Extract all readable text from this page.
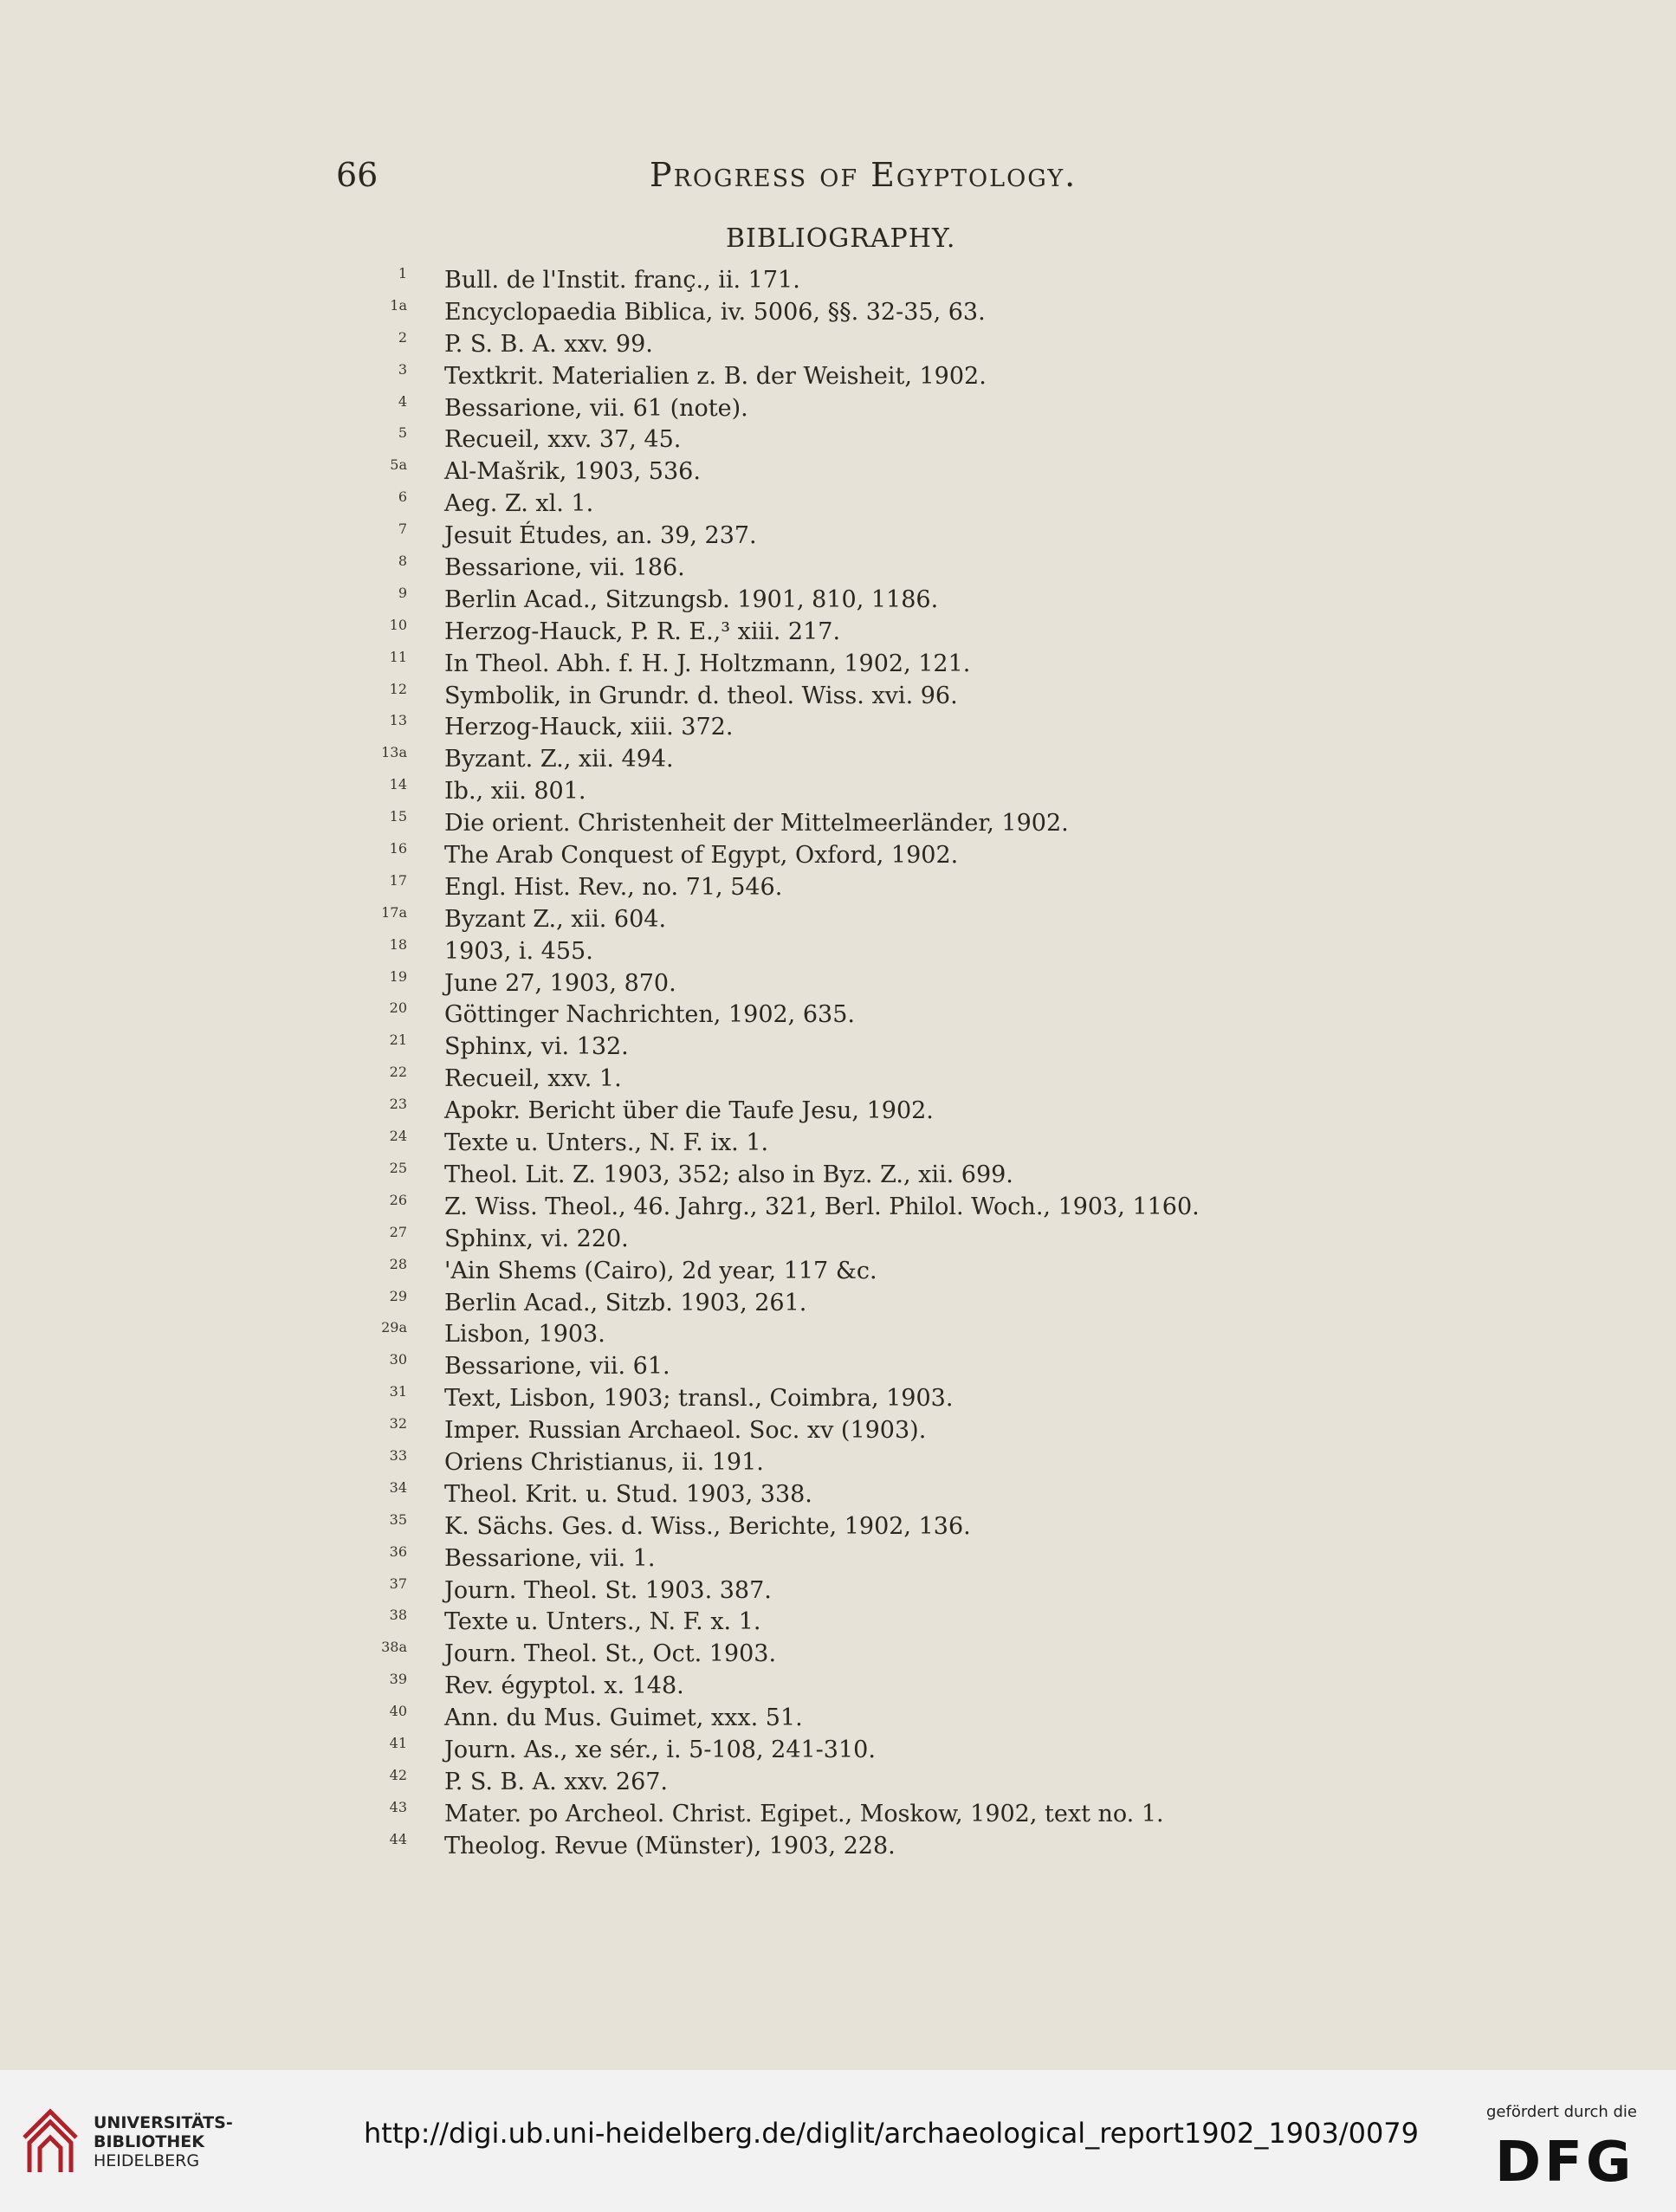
66	Progress of Egyptology.
BIBLIOGRAPHY.
1 Bull. de l'Instit. franç., ii. 171.
1a Encyclopaedia Biblica, iv. 5006, §§. 32-35, 63.
2 P. S. B. A. xxv. 99.
3 Textkrit. Materialien z. B. der Weisheit, 1902.
4 Bessarione, vii. 61 (note).
5 Recueil, xxv. 37, 45.
5a Al-Mašrik, 1903, 536.
6 Aeg. Z. xl. 1.
7 Jesuit Études, an. 39, 237.
8 Bessarione, vii. 186.
9 Berlin Acad., Sitzungsb. 1901, 810, 1186.
10 Herzog-Hauck, P. R. E.,³ xiii. 217.
11 In Theol. Abh. f. H. J. Holtzmann, 1902, 121.
12 Symbolik, in Grundr. d. theol. Wiss. xvi. 96.
13 Herzog-Hauck, xiii. 372.
13a Byzant. Z., xii. 494.
14 Ib., xii. 801.
15 Die orient. Christenheit der Mittelmeerländer, 1902.
16 The Arab Conquest of Egypt, Oxford, 1902.
17 Engl. Hist. Rev., no. 71, 546.
17a Byzant Z., xii. 604.
18 1903, i. 455.
19 June 27, 1903, 870.
20 Göttinger Nachrichten, 1902, 635.
21 Sphinx, vi. 132.
22 Recueil, xxv. 1.
23 Apokr. Bericht über die Taufe Jesu, 1902.
24 Texte u. Unters., N. F. ix. 1.
25 Theol. Lit. Z. 1903, 352; also in Byz. Z., xii. 699.
26 Z. Wiss. Theol., 46. Jahrg., 321, Berl. Philol. Woch., 1903, 1160.
27 Sphinx, vi. 220.
28 'Ain Shems (Cairo), 2d year, 117 &c.
29 Berlin Acad., Sitzb. 1903, 261.
29a Lisbon, 1903.
30 Bessarione, vii. 61.
31 Text, Lisbon, 1903; transl., Coimbra, 1903.
32 Imper. Russian Archaeol. Soc. xv (1903).
33 Oriens Christianus, ii. 191.
34 Theol. Krit. u. Stud. 1903, 338.
35 K. Sächs. Ges. d. Wiss., Berichte, 1902, 136.
36 Bessarione, vii. 1.
37 Journ. Theol. St. 1903. 387.
38 Texte u. Unters., N. F. x. 1.
38a Journ. Theol. St., Oct. 1903.
39 Rev. égyptol. x. 148.
40 Ann. du Mus. Guimet, xxx. 51.
41 Journ. As., xe sér., i. 5-108, 241-310.
42 P. S. B. A. xxv. 267.
43 Mater. po Archeol. Christ. Egipet., Moskow, 1902, text no. 1.
44 Theolog. Revue (Münster), 1903, 228.
UNIVERSITÄTS-
BIBLIOTHEK
HEIDELBERG
http://digi.ub.uni-heidelberg.de/diglit/archaeological_report1902_1903/0079
gefördert durch die
DFG
